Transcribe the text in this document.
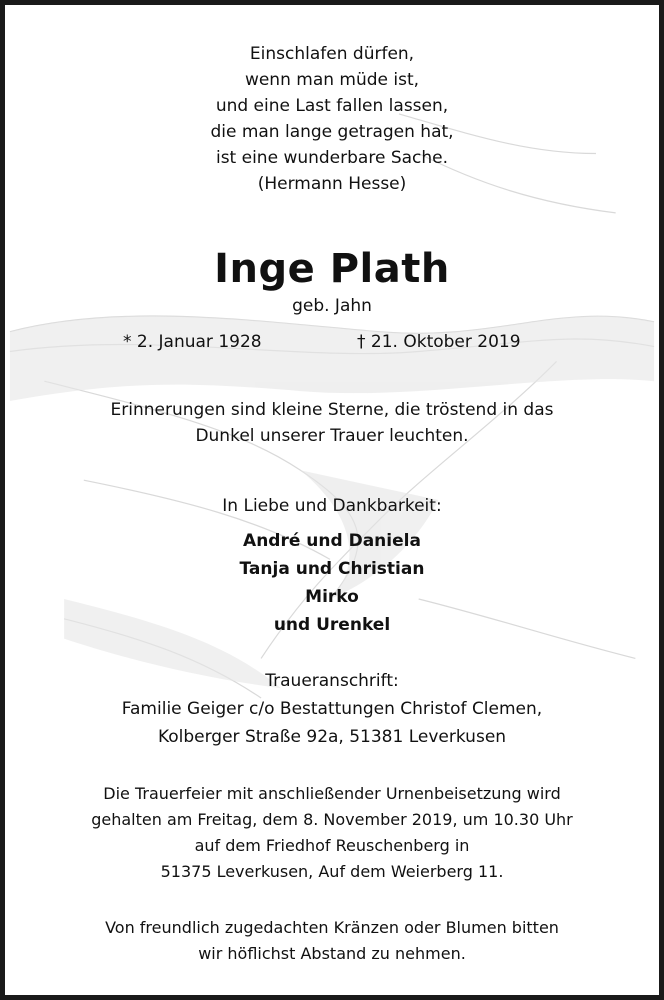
Einschlafen dürfen,
wenn man müde ist,
und eine Last fallen lassen,
die man lange getragen hat,
ist eine wunderbare Sache.
(Hermann Hesse)
Inge Plath
geb. Jahn
* 2. Januar 1928	† 21. Oktober 2019
Erinnerungen sind kleine Sterne, die tröstend in das
Dunkel unserer Trauer leuchten.
In Liebe und Dankbarkeit:
André und Daniela
Tanja und Christian
Mirko
und Urenkel
Traueranschrift:
Familie Geiger c/o Bestattungen Christof Clemen,
Kolberger Straße 92a, 51381 Leverkusen
Die Trauerfeier mit anschließender Urnenbeisetzung wird
gehalten am Freitag, dem 8. November 2019, um 10.30 Uhr
auf dem Friedhof Reuschenberg in
51375 Leverkusen, Auf dem Weierberg 11.
Von freundlich zugedachten Kränzen oder Blumen bitten
wir höflichst Abstand zu nehmen.
